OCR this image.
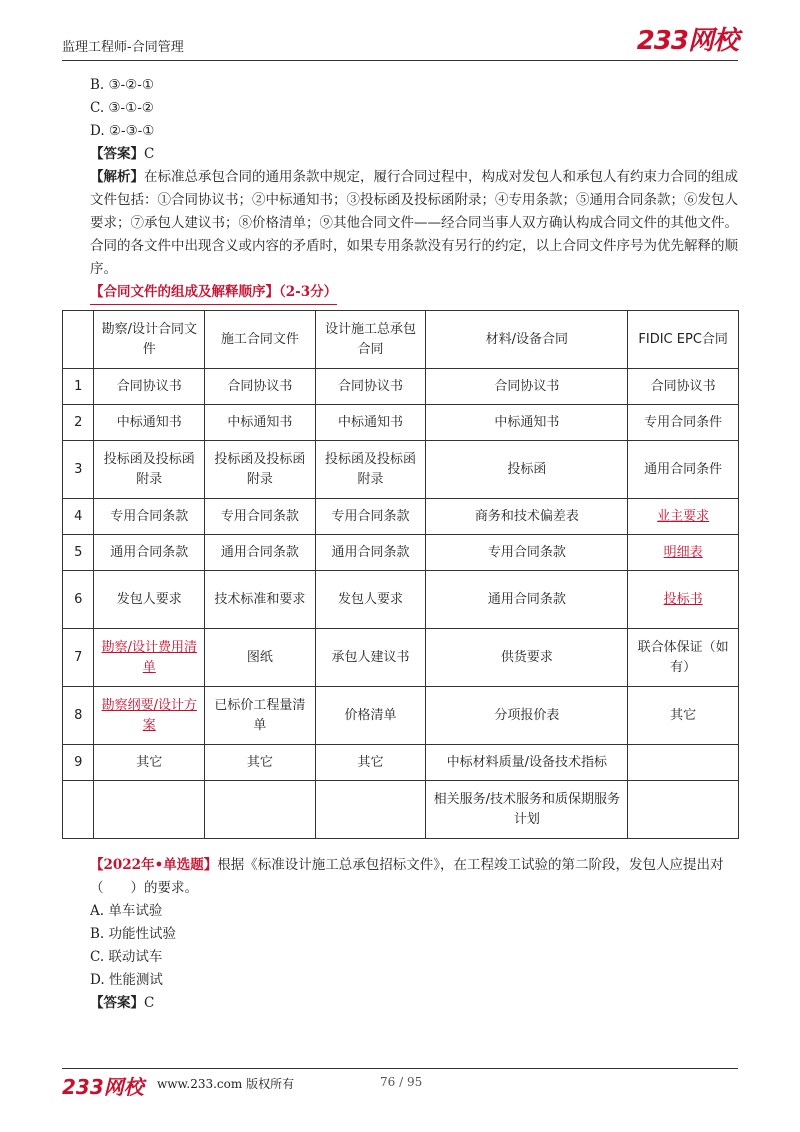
监理工程师-合同管理	233网校
B. ③-②-①
C. ③-①-②
D. ②-③-①
【答案】C
【解析】在标准总承包合同的通用条款中规定，履行合同过程中，构成对发包人和承包人有约束力合同的组成文件包括：①合同协议书；②中标通知书；③投标函及投标函附录；④专用条款；⑤通用合同条款；⑥发包人要求；⑦承包人建议书；⑧价格清单；⑨其他合同文件——经合同当事人双方确认构成合同文件的其他文件。合同的各文件中出现含义或内容的矛盾时，如果专用条款没有另行的约定，以上合同文件序号为优先解释的顺序。
【合同文件的组成及解释顺序】（2-3分）
	勘察/设计合同文件	施工合同文件	设计施工总承包合同	材料/设备合同	FIDIC EPC合同
1	合同协议书	合同协议书	合同协议书	合同协议书	合同协议书
2	中标通知书	中标通知书	中标通知书	中标通知书	专用合同条件
3	投标函及投标函附录	投标函及投标函附录	投标函及投标函附录	投标函	通用合同条件
4	专用合同条款	专用合同条款	专用合同条款	商务和技术偏差表	业主要求
5	通用合同条款	通用合同条款	通用合同条款	专用合同条款	明细表
6	发包人要求	技术标准和要求	发包人要求	通用合同条款	投标书
7	勘察/设计费用清单	图纸	承包人建议书	供货要求	联合体保证（如有）
8	勘察纲要/设计方案	已标价工程量清单	价格清单	分项报价表	其它
9	其它	其它	其它	中标材料质量/设备技术指标	
				相关服务/技术服务和质保期服务计划	
【2022年•单选题】根据《标准设计施工总承包招标文件》，在工程竣工试验的第二阶段，发包人应提出对（　　）的要求。
A. 单车试验
B. 功能性试验
C. 联动试车
D. 性能测试
【答案】C
233网校 www.233.com 版权所有	76 / 95
